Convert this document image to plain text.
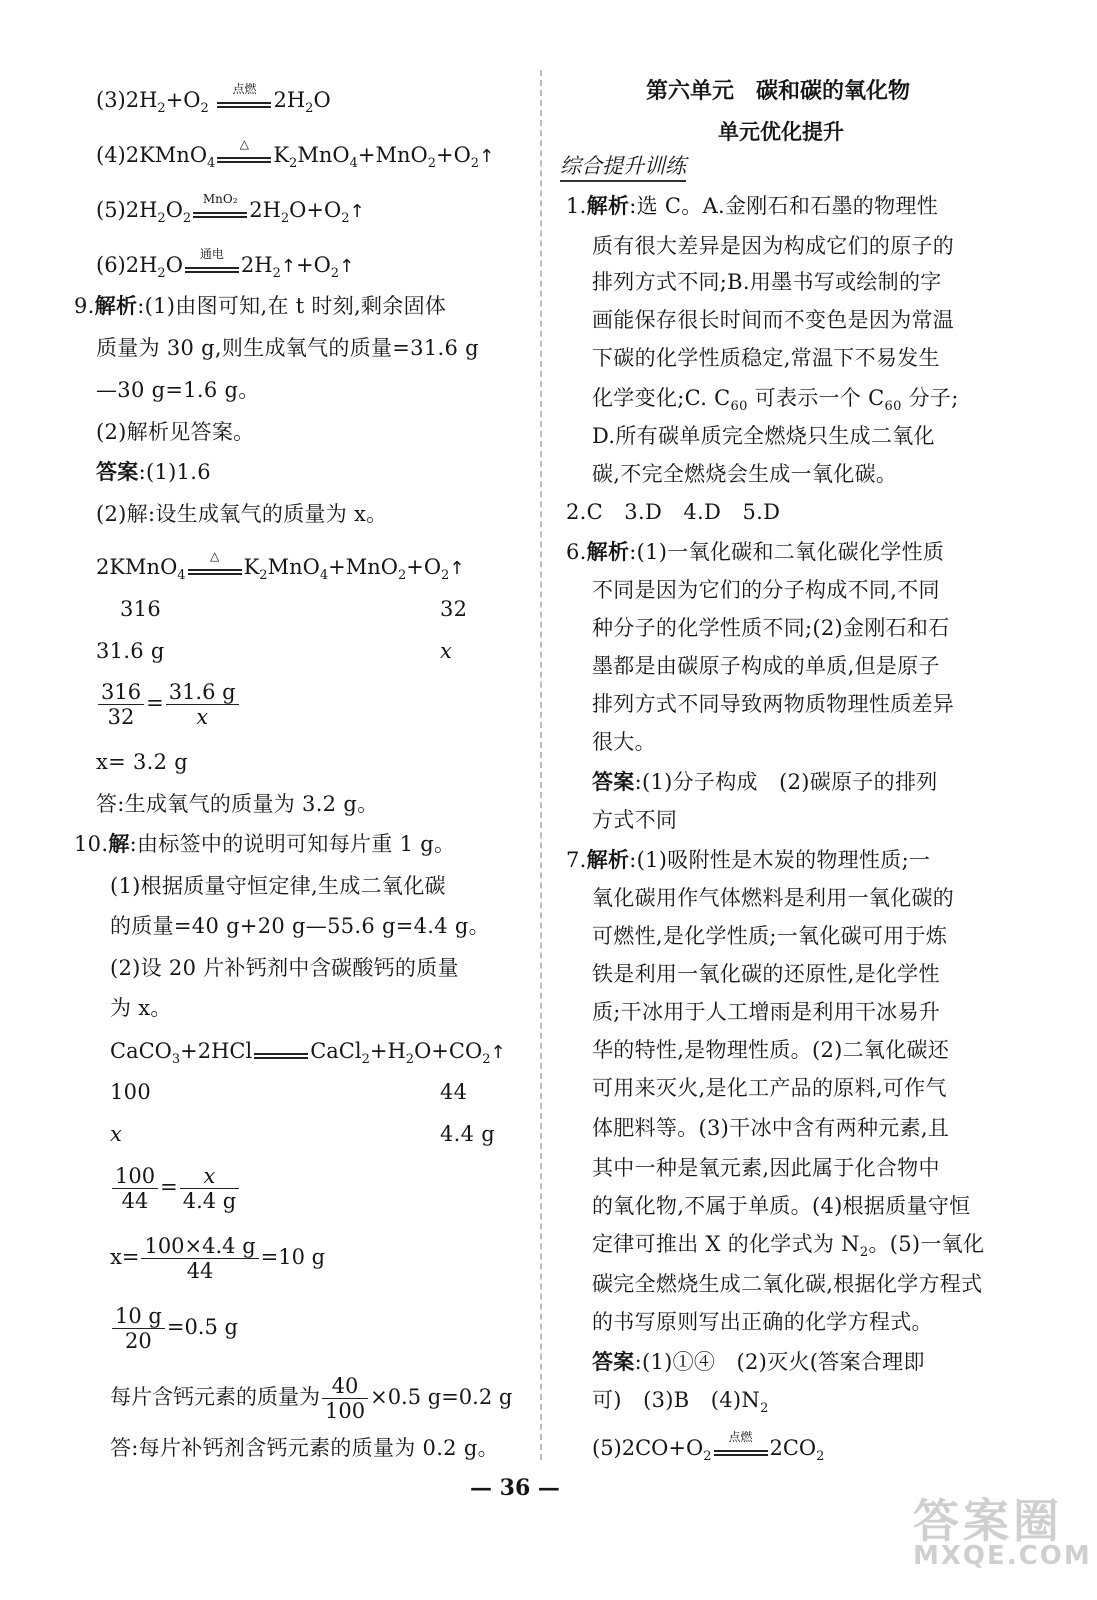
$(3)2H_2+O_2$
点燃 $2H_2O$
(4)2KMnO$_4$
△	$K_2MnO_4+MnO_2+O_2↑$
$(5)2H_2O_2$
MnO₂ $2H_2O+O_2↑$
$(6)2H_2O$	通电 $2H_2↑+O_2↑$
9.解析:(1)由图可知,在 t 时刻,剩余固体
质量为 30 g,则生成氧气的质量=31.6 g
—30 g=1.6 g。
(2)解析见答案。
答案:(1)1.6
(2)解:设生成氧气的质量为 x。
2KMnO$_4$
△	$K_2MnO_4+MnO_2+O_2↑$
316	32
31.6 g	x
$\frac{316}{32} = \frac{31.6 g}{x}$
x= 3.2 g
答:生成氧气的质量为 3.2 g。
10.解:由标签中的说明可知每片重 1 g。
(1)根据质量守恒定律,生成二氧化碳
的质量=40 g+20 g—55.6 g=4.4 g。
(2)设 20 片补钙剂中含碳酸钙的质量
为 x。
CaCO$_3$+2HCl	$CaCl_2+H_2O+CO_2↑$
100	44
x	4.4 g
$\frac{100}{44} = \frac{x}{4.4 g}$
$x= \frac{100\times 4.4 g}{44} =10$ g
$\frac{10 g}{20} =0.5$ g
每片含钙元素的质量为 $\frac{40}{100} \times 0.5$ g=0.2 g
答:每片补钙剂含钙元素的质量为 0.2 g。
第六单元　碳和碳的氧化物
单元优化提升
综合提升训练
1.解析:选 C。A.金刚石和石墨的物理性
质有很大差异是因为构成它们的原子的
排列方式不同;B.用墨书写或绘制的字
画能保存很长时间而不变色是因为常温
下碳的化学性质稳定,常温下不易发生
化学变化;C. $C_{60}$ 可表示一个 $C_{60}$ 分子;
D.所有碳单质完全燃烧只生成二氧化
碳,不完全燃烧会生成一氧化碳。
2.C　3.D　4.D　5.D
6.解析:(1)一氧化碳和二氧化碳化学性质
不同是因为它们的分子构成不同,不同
种分子的化学性质不同;(2)金刚石和石
墨都是由碳原子构成的单质,但是原子
排列方式不同导致两物质物理性质差异
很大。
答案:(1)分子构成　(2)碳原子的排列
方式不同
7.解析:(1)吸附性是木炭的物理性质;一
氧化碳用作气体燃料是利用一氧化碳的
可燃性,是化学性质;一氧化碳可用于炼
铁是利用一氧化碳的还原性,是化学性
质;干冰用于人工增雨是利用干冰易升
华的特性,是物理性质。(2)二氧化碳还
可用来灭火,是化工产品的原料,可作气
体肥料等。(3)干冰中含有两种元素,且
其中一种是氧元素,因此属于化合物中
的氧化物,不属于单质。(4)根据质量守恒
定律可推出 X 的化学式为 $N_2$。(5)一氧化
碳完全燃烧生成二氧化碳,根据化学方程式
的书写原则写出正确的化学方程式。
答案:(1)①④　(2)灭火(答案合理即
可)　(3)B　$(4)N_2$
$(5)2CO+O_2$
点燃 $2CO_2$
— 36 —
答案圈
MXQE.COM
